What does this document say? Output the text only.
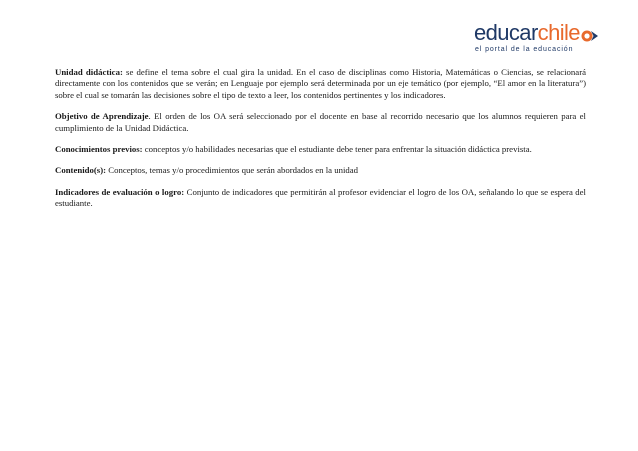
educar chile
el portal de la educación

Unidad didáctica: se define el tema sobre el cual gira la unidad. En el caso de disciplinas como Historia, Matemáticas o Ciencias, se relacionará directamente con los contenidos que se verán; en Lenguaje por ejemplo será determinada por un eje temático (por ejemplo, “El amor en la literatura”) sobre el cual se tomarán las decisiones sobre el tipo de texto a leer, los contenidos pertinentes y los indicadores.

Objetivo de Aprendizaje. El orden de los OA será seleccionado por el docente en base al recorrido necesario que los alumnos requieren para el cumplimiento de la Unidad Didáctica.

Conocimientos previos: conceptos y/o habilidades necesarias que el estudiante debe tener para enfrentar la situación didáctica prevista.

Contenido(s): Conceptos, temas y/o procedimientos que serán abordados en la unidad

Indicadores de evaluación o logro: Conjunto de indicadores que permitirán al profesor evidenciar el logro de los OA, señalando lo que se espera del estudiante.
